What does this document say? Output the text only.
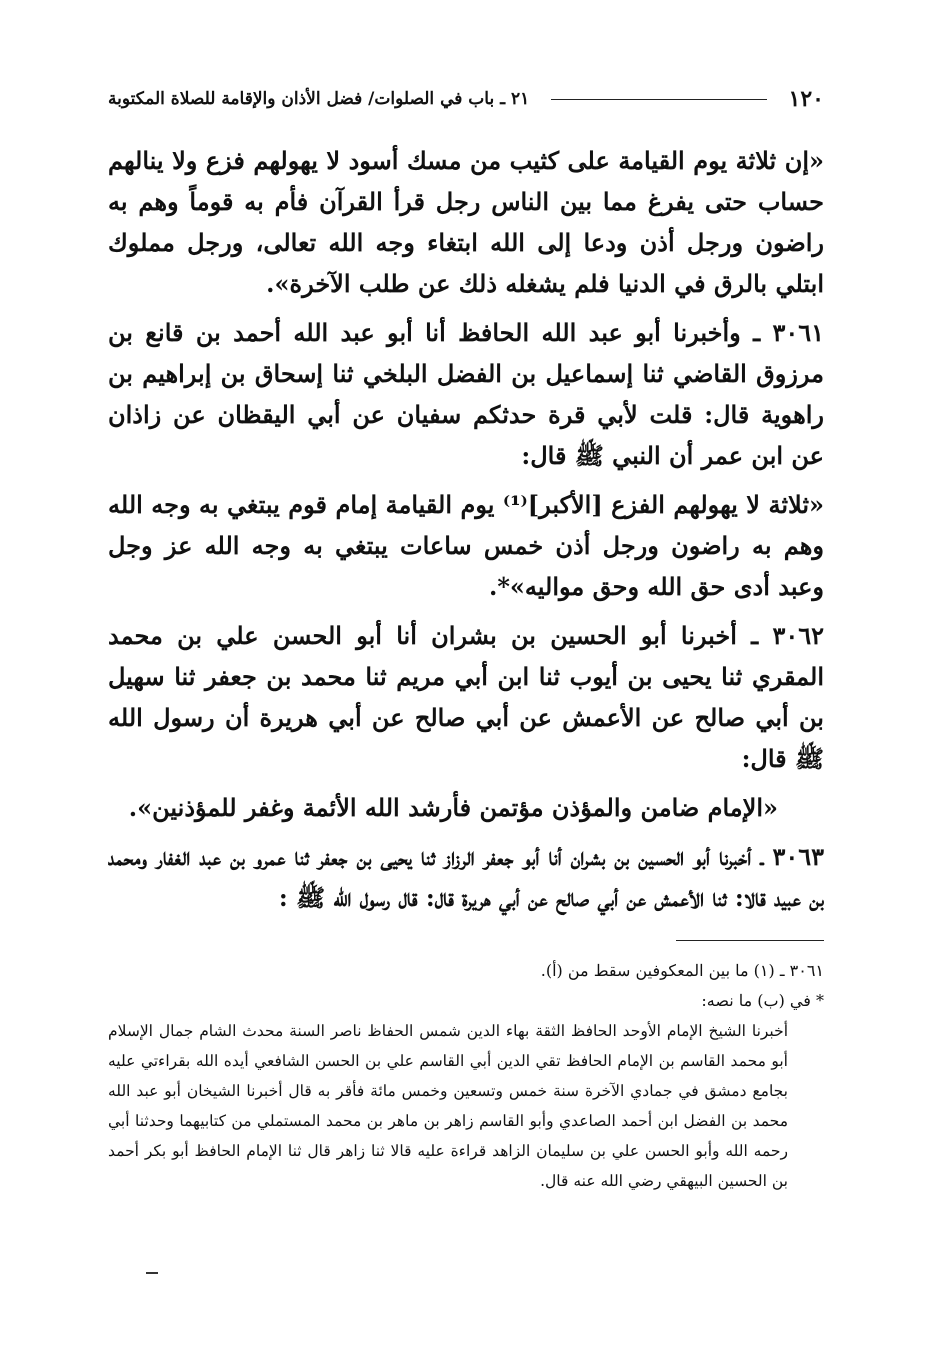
١٢٠
٢١ ـ باب في الصلوات/ فضل الأذان والإقامة للصلاة المكتوبة

«إن ثلاثة يوم القيامة على كثيب من مسك أسود لا يهولهم فزع ولا ينالهم حساب حتى يفرغ مما بين الناس رجل قرأ القرآن فأم به قوماً وهم به راضون ورجل أذن ودعا إلى الله ابتغاء وجه الله تعالى، ورجل مملوك ابتلي بالرق في الدنيا فلم يشغله ذلك عن طلب الآخرة».

٣٠٦١ ـ وأخبرنا أبو عبد الله الحافظ أنا أبو عبد الله أحمد بن قانع بن مرزوق القاضي ثنا إسماعيل بن الفضل البلخي ثنا إسحاق بن إبراهيم بن راهوية قال: قلت لأبي قرة حدثكم سفيان عن أبي اليقظان عن زاذان عن ابن عمر أن النبي ﷺ قال:

«ثلاثة لا يهولهم الفزع [الأكبر]⁽¹⁾ يوم القيامة إمام قوم يبتغي به وجه الله وهم به راضون ورجل أذن خمس ساعات يبتغي به وجه الله عز وجل وعبد أدى حق الله وحق مواليه»*.

٣٠٦٢ ـ أخبرنا أبو الحسين بن بشران أنا أبو الحسن علي بن محمد المقري ثنا يحيى بن أيوب ثنا ابن أبي مريم ثنا محمد بن جعفر ثنا سهيل بن أبي صالح عن الأعمش عن أبي صالح عن أبي هريرة أن رسول الله ﷺ قال:

«الإمام ضامن والمؤذن مؤتمن فأرشد الله الأئمة وغفر للمؤذنين».

٣٠٦٣ ـ أخبرنا أبو الحسين بن بشران أنا أبو جعفر الرزاز ثنا يحيى بن جعفر ثنا عمرو بن عبد الغفار ومحمد بن عبيد قالا: ثنا الأعمش عن أبي صالح عن أبي هريرة قال: قال رسول الله ﷺ :

٣٠٦١ ـ (١) ما بين المعكوفين سقط من (أ).

* في (ب) ما نصه:

أخبرنا الشيخ الإمام الأوحد الحافظ الثقة بهاء الدين شمس الحفاظ ناصر السنة محدث الشام جمال الإسلام أبو محمد القاسم بن الإمام الحافظ تقي الدين أبي القاسم علي بن الحسن الشافعي أيده الله بقراءتي عليه بجامع دمشق في جمادي الآخرة سنة خمس وتسعين وخمس مائة فأقر به قال أخبرنا الشيخان أبو عبد الله محمد بن الفضل ابن أحمد الصاعدي وأبو القاسم زاهر بن ماهر بن محمد المستملي من كتابيهما وحدثنا أبي رحمه الله وأبو الحسن علي بن سليمان الزاهد قراءة عليه قالا ثنا زاهر قال ثنا الإمام الحافظ أبو بكر أحمد بن الحسين البيهقي رضي الله عنه قال.
